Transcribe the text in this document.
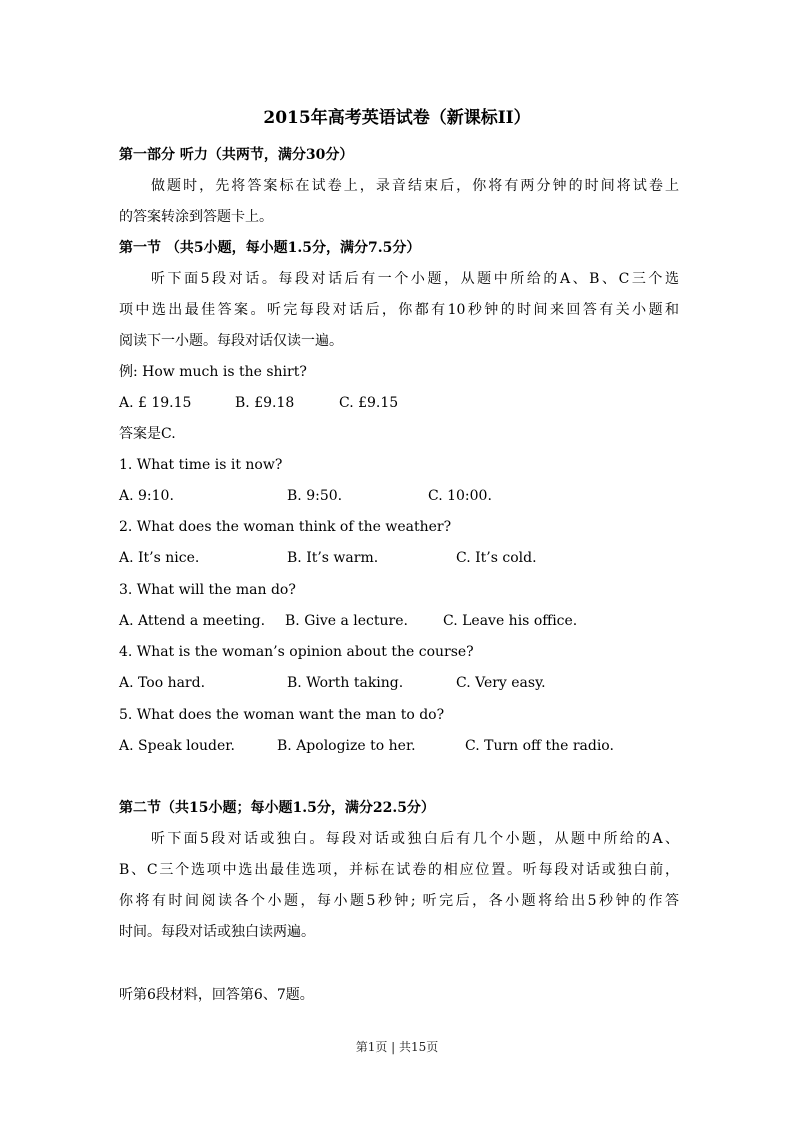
2015年高考英语试卷（新课标II）
第一部分 听力（共两节，满分30分）
做题时，先将答案标在试卷上，录音结束后，你将有两分钟的时间将试卷上
的答案转涂到答题卡上。
第一节 （共5小题，每小题1.5分，满分7.5分）
听下面5段对话。每段对话后有一个小题，从题中所给的A、B、C三个选
项中选出最佳答案。听完每段对话后，你都有10秒钟的时间来回答有关小题和
阅读下一小题。每段对话仅读一遍。
例: How much is the shirt?
A. £ 19.15	B. £9.18	C. £9.15
答案是C.
1. What time is it now?
A. 9:10.	B. 9:50.	C. 10:00.
2. What does the woman think of the weather?
A. It’s nice.	B. It’s warm.	C. It’s cold.
3. What will the man do?
A. Attend a meeting. B. Give a lecture.	C. Leave his office.
4. What is the woman’s opinion about the course?
A. Too hard.	B. Worth taking.	C. Very easy.
5. What does the woman want the man to do?
A. Speak louder.	B. Apologize to her.	C. Turn off the radio.
第二节（共15小题；每小题1.5分，满分22.5分）
听下面5段对话或独白。每段对话或独白后有几个小题，从题中所给的A、
B、C三个选项中选出最佳选项，并标在试卷的相应位置。听每段对话或独白前，
你将有时间阅读各个小题，每小题5秒钟; 听完后，各小题将给出5秒钟的作答
时间。每段对话或独白读两遍。
听第6段材料，回答第6、7题。
第1页 | 共15页
